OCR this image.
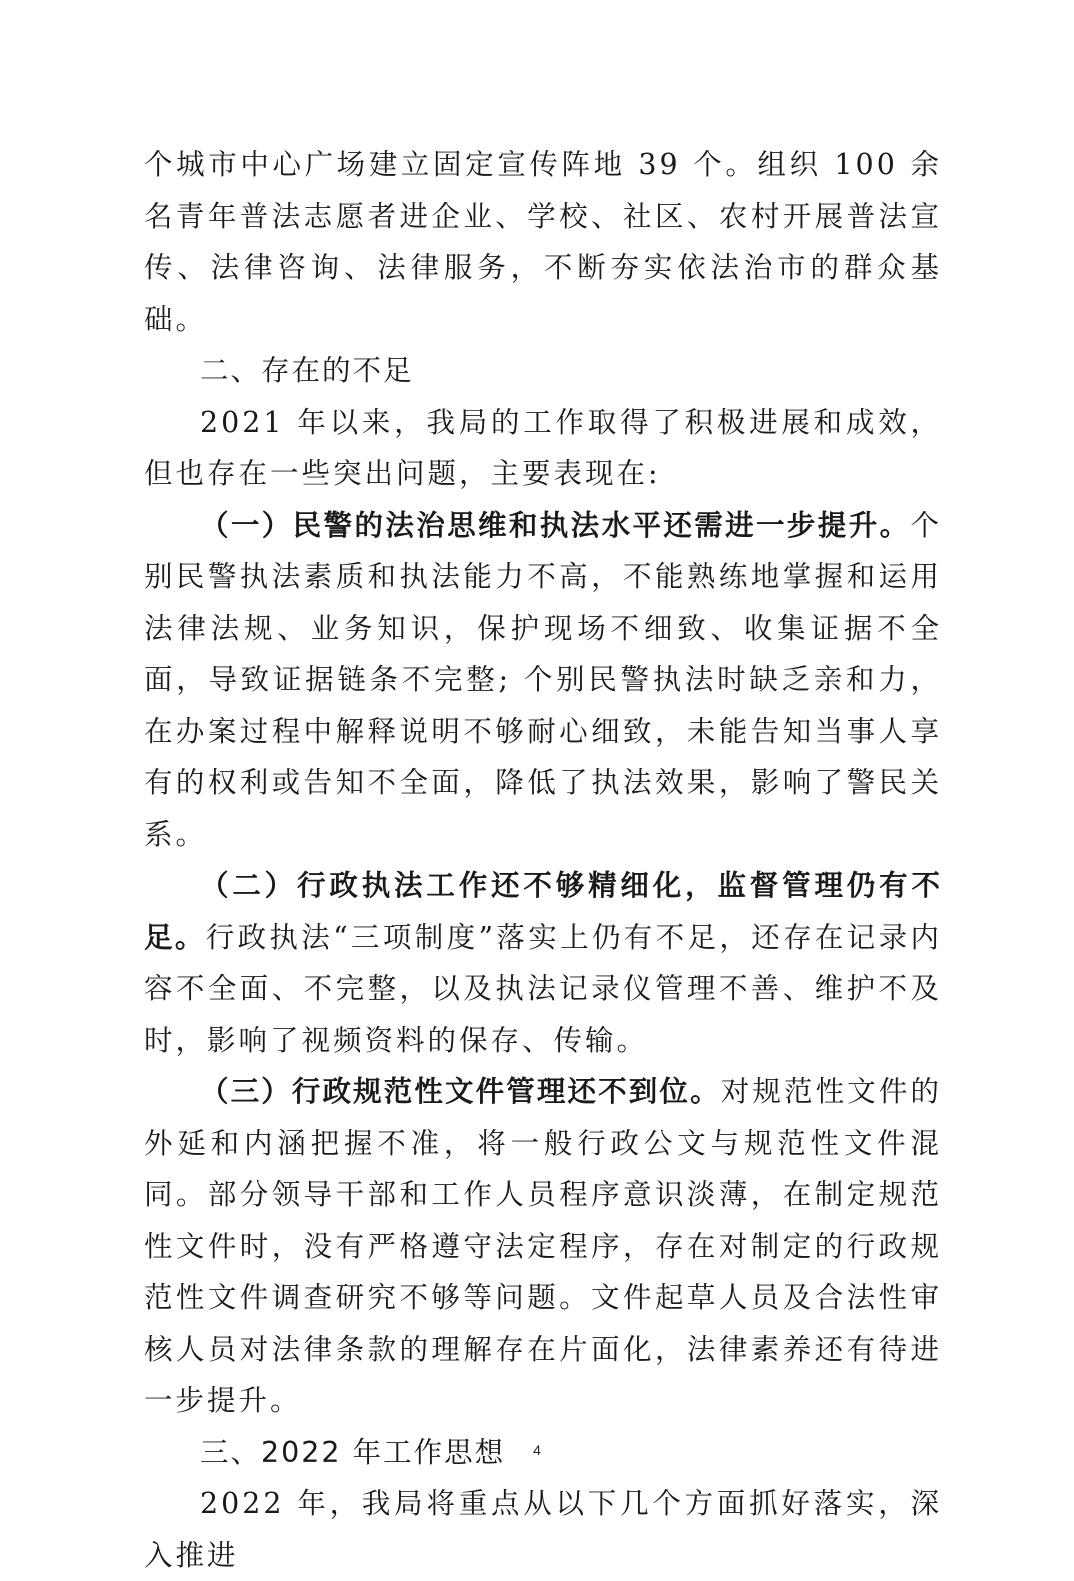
个城市中心广场建立固定宣传阵地 39 个。组织 100 余名青年普法志愿者进企业、学校、社区、农村开展普法宣传、法律咨询、法律服务，不断夯实依法治市的群众基础。

二、存在的不足

2021 年以来，我局的工作取得了积极进展和成效，但也存在一些突出问题，主要表现在:

（一）民警的法治思维和执法水平还需进一步提升。个别民警执法素质和执法能力不高，不能熟练地掌握和运用法律法规、业务知识，保护现场不细致、收集证据不全面，导致证据链条不完整; 个别民警执法时缺乏亲和力，在办案过程中解释说明不够耐心细致，未能告知当事人享有的权利或告知不全面，降低了执法效果，影响了警民关系。

（二）行政执法工作还不够精细化，监督管理仍有不足。行政执法“三项制度”落实上仍有不足，还存在记录内容不全面、不完整，以及执法记录仪管理不善、维护不及时，影响了视频资料的保存、传输。

（三）行政规范性文件管理还不到位。对规范性文件的外延和内涵把握不准，将一般行政公文与规范性文件混同。部分领导干部和工作人员程序意识淡薄，在制定规范性文件时，没有严格遵守法定程序，存在对制定的行政规范性文件调查研究不够等问题。文件起草人员及合法性审核人员对法律条款的理解存在片面化，法律素养还有待进一步提升。

三、2022 年工作思想

2022 年，我局将重点从以下几个方面抓好落实，深入推进

4
